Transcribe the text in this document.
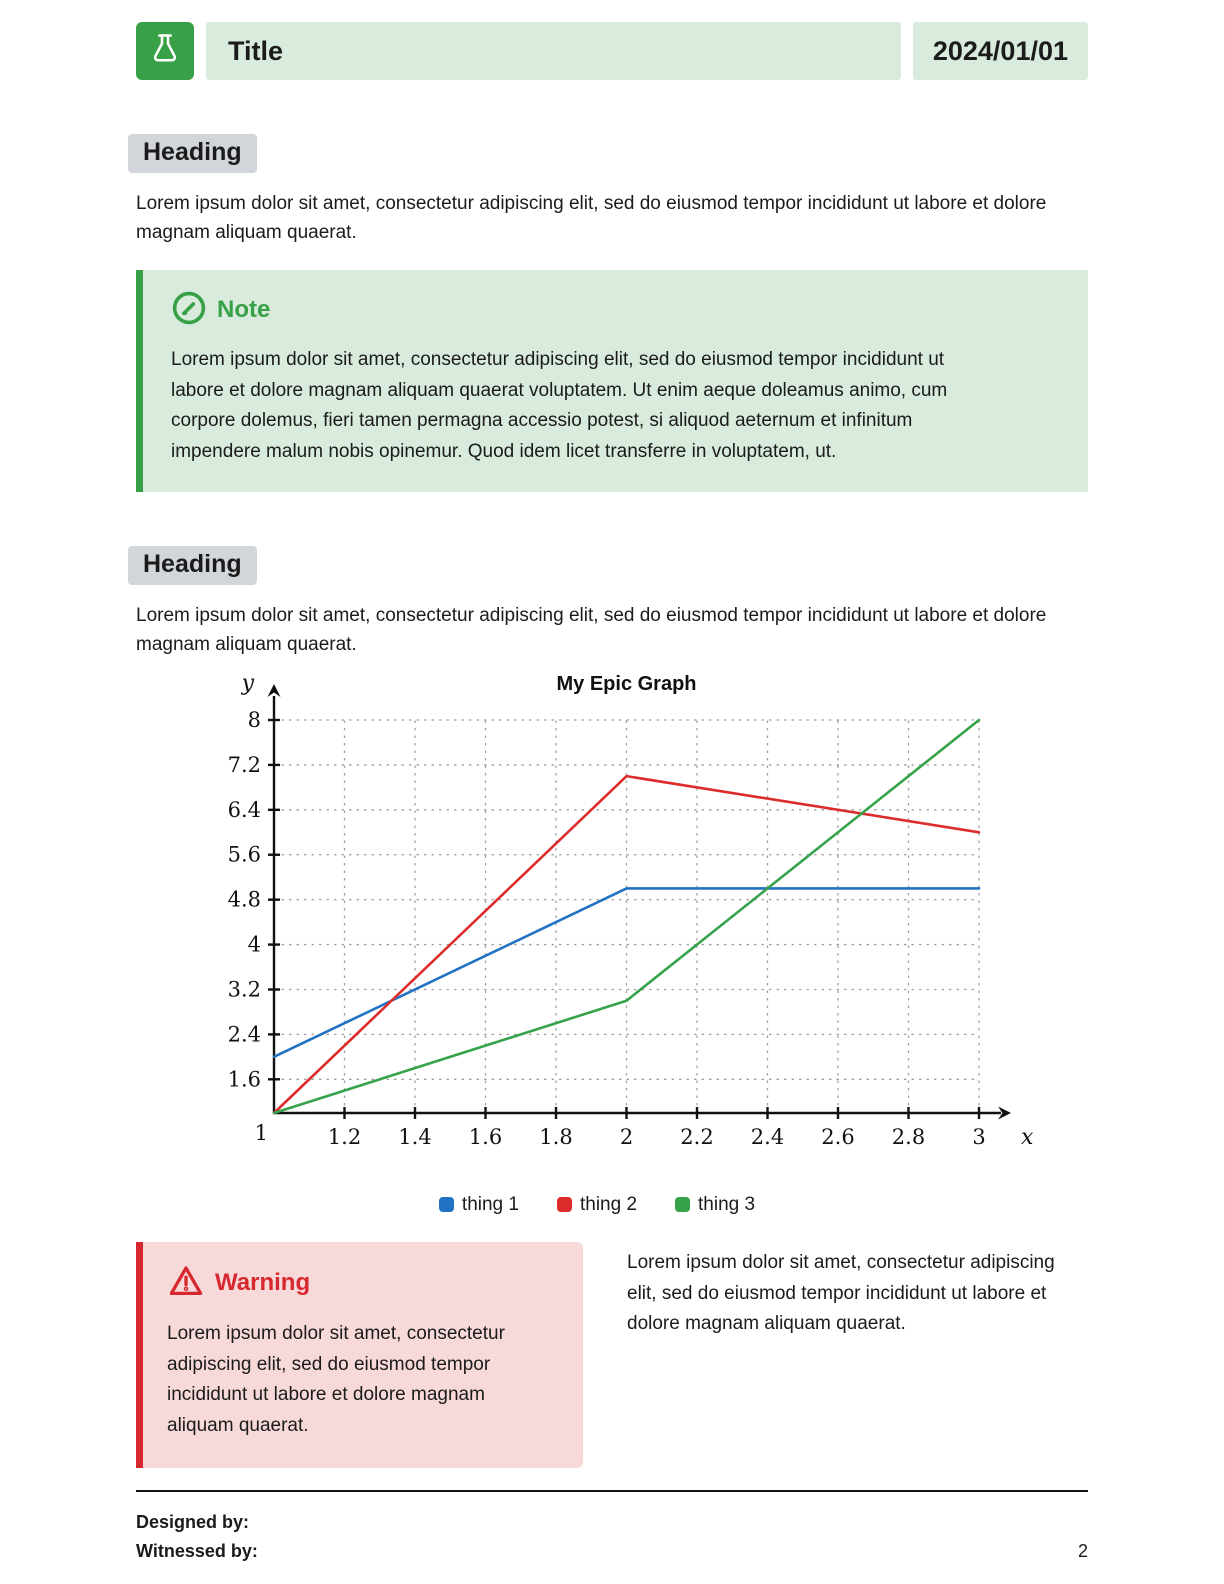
Title	2024/01/01
Heading

Lorem ipsum dolor sit amet, consectetur adipiscing elit, sed do eiusmod tempor incididunt ut labore et dolore magnam aliquam quaerat.

Note

Lorem ipsum dolor sit amet, consectetur adipiscing elit, sed do eiusmod tempor incididunt ut labore et dolore magnam aliquam quaerat voluptatem. Ut enim aeque doleamus animo, cum corpore dolemus, fieri tamen permagna accessio potest, si aliquod aeternum et infinitum impendere malum nobis opinemur. Quod idem licet transferre in voluptatem, ut.

Heading

Lorem ipsum dolor sit amet, consectetur adipiscing elit, sed do eiusmod tempor incididunt ut labore et dolore magnam aliquam quaerat.

1.2 1.4 1.6 1.8 2 2.2 2.4 2.6 2.8 3
1.6
2.4
3.2
4
4.8
5.6
6.4
7.2
8
1
y
x
My Epic Graph
thing 1	thing 2	thing 3
Warning

Lorem ipsum dolor sit amet, consectetur adipiscing elit, sed do eiusmod tempor incididunt ut labore et dolore magnam aliquam quaerat.

Lorem ipsum dolor sit amet, consectetur adipiscing elit, sed do eiusmod tempor incididunt ut labore et dolore magnam aliquam quaerat.

Designed by:
Witnessed by:	2
